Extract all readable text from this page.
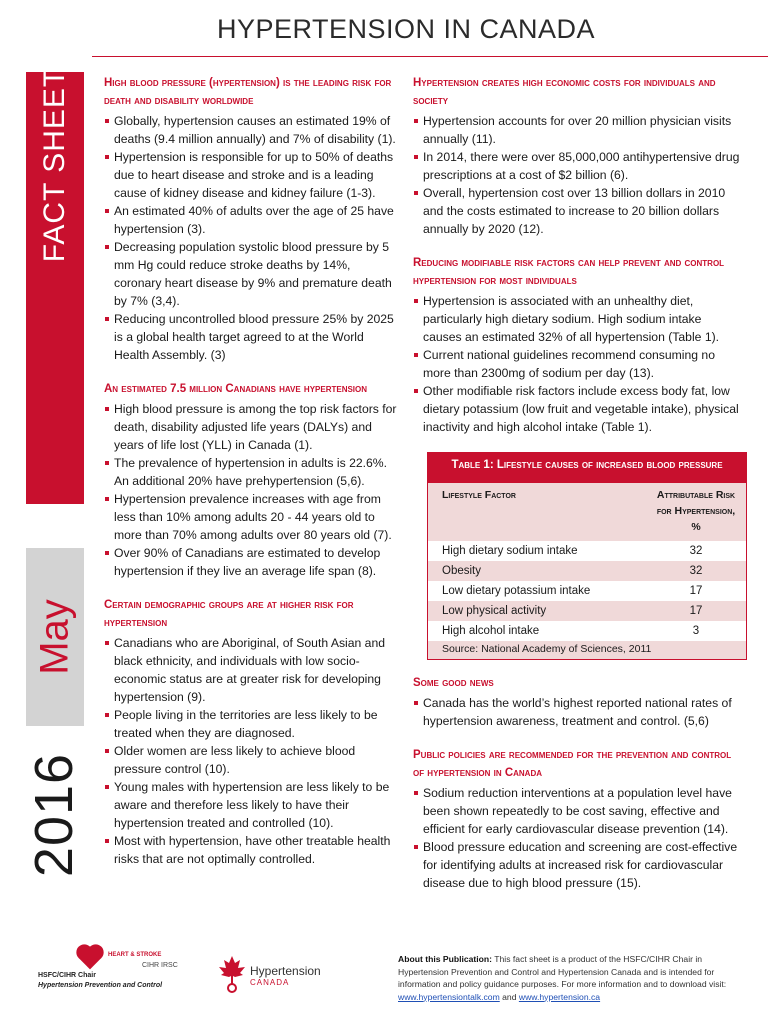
HYPERTENSION IN CANADA
FACT SHEET
May
2016
High blood pressure (hypertension) is the leading risk for death and disability worldwide
Globally, hypertension causes an estimated 19% of deaths (9.4 million annually) and 7% of disability (1).
Hypertension is responsible for up to 50% of deaths due to heart disease and stroke and is a leading cause of kidney disease and kidney failure (1-3).
An estimated 40% of adults over the age of 25 have hypertension (3).
Decreasing population systolic blood pressure by 5 mm Hg could reduce stroke deaths by 14%, coronary heart disease by 9% and premature death by 7% (3,4).
Reducing uncontrolled blood pressure 25% by 2025 is a global health target agreed to at the World Health Assembly. (3)
An estimated 7.5 million Canadians have hypertension
High blood pressure is among the top risk factors for death, disability adjusted life years (DALYs) and years of life lost (YLL) in Canada (1).
The prevalence of hypertension in adults is 22.6%. An additional 20% have prehypertension (5,6).
Hypertension prevalence increases with age from less than 10% among adults 20 - 44 years old to more than 70% among adults over 80 years old (7).
Over 90% of Canadians are estimated to develop hypertension if they live an average life span (8).
Certain demographic groups are at higher risk for hypertension
Canadians who are Aboriginal, of South Asian and black ethnicity, and individuals with low socio-economic status are at greater risk for developing hypertension (9).
People living in the territories are less likely to be treated when they are diagnosed.
Older women are less likely to achieve blood pressure control (10).
Young males with hypertension are less likely to be aware and therefore less likely to have their hypertension treated and controlled (10).
Most with hypertension, have other treatable health risks that are not optimally controlled.
Hypertension creates high economic costs for individuals and society
Hypertension accounts for over 20 million physician visits annually (11).
In 2014, there were over 85,000,000 antihypertensive drug prescriptions at a cost of $2 billion (6).
Overall, hypertension cost over 13 billion dollars in 2010 and the costs estimated to increase to 20 billion dollars annually by 2020 (12).
Reducing modifiable risk factors can help prevent and control hypertension for most individuals
Hypertension is associated with an unhealthy diet, particularly high dietary sodium. High sodium intake causes an estimated 32% of all hypertension (Table 1).
Current national guidelines recommend consuming no more than 2300mg of sodium per day (13).
Other modifiable risk factors include excess body fat, low dietary potassium (low fruit and vegetable intake), physical inactivity and high alcohol intake (Table 1).
Table 1: Lifestyle causes of increased blood pressure
Lifestyle Factor	Attributable Risk for Hypertension, %
High dietary sodium intake	32
Obesity	32
Low dietary potassium intake	17
Low physical activity	17
High alcohol intake	3
Source: National Academy of Sciences, 2011
Some good news
Canada has the world’s highest reported national rates of hypertension awareness, treatment and control. (5,6)
Public policies are recommended for the prevention and control of hypertension in Canada
Sodium reduction interventions at a population level have been shown repeatedly to be cost saving, effective and efficient for early cardiovascular disease prevention (14).
Blood pressure education and screening are cost-effective for identifying adults at increased risk for cardiovascular disease due to high blood pressure (15).
HEART & STROKE
CIHR IRSC
HSFC/CIHR Chair
Hypertension Prevention and Control
Hypertension
CANADA
About this Publication: This fact sheet is a product of the HSFC/CIHR Chair in Hypertension Prevention and Control and Hypertension Canada and is intended for information and policy guidance purposes. For more information and to download visit: www.hypertensiontalk.com and www.hypertension.ca
